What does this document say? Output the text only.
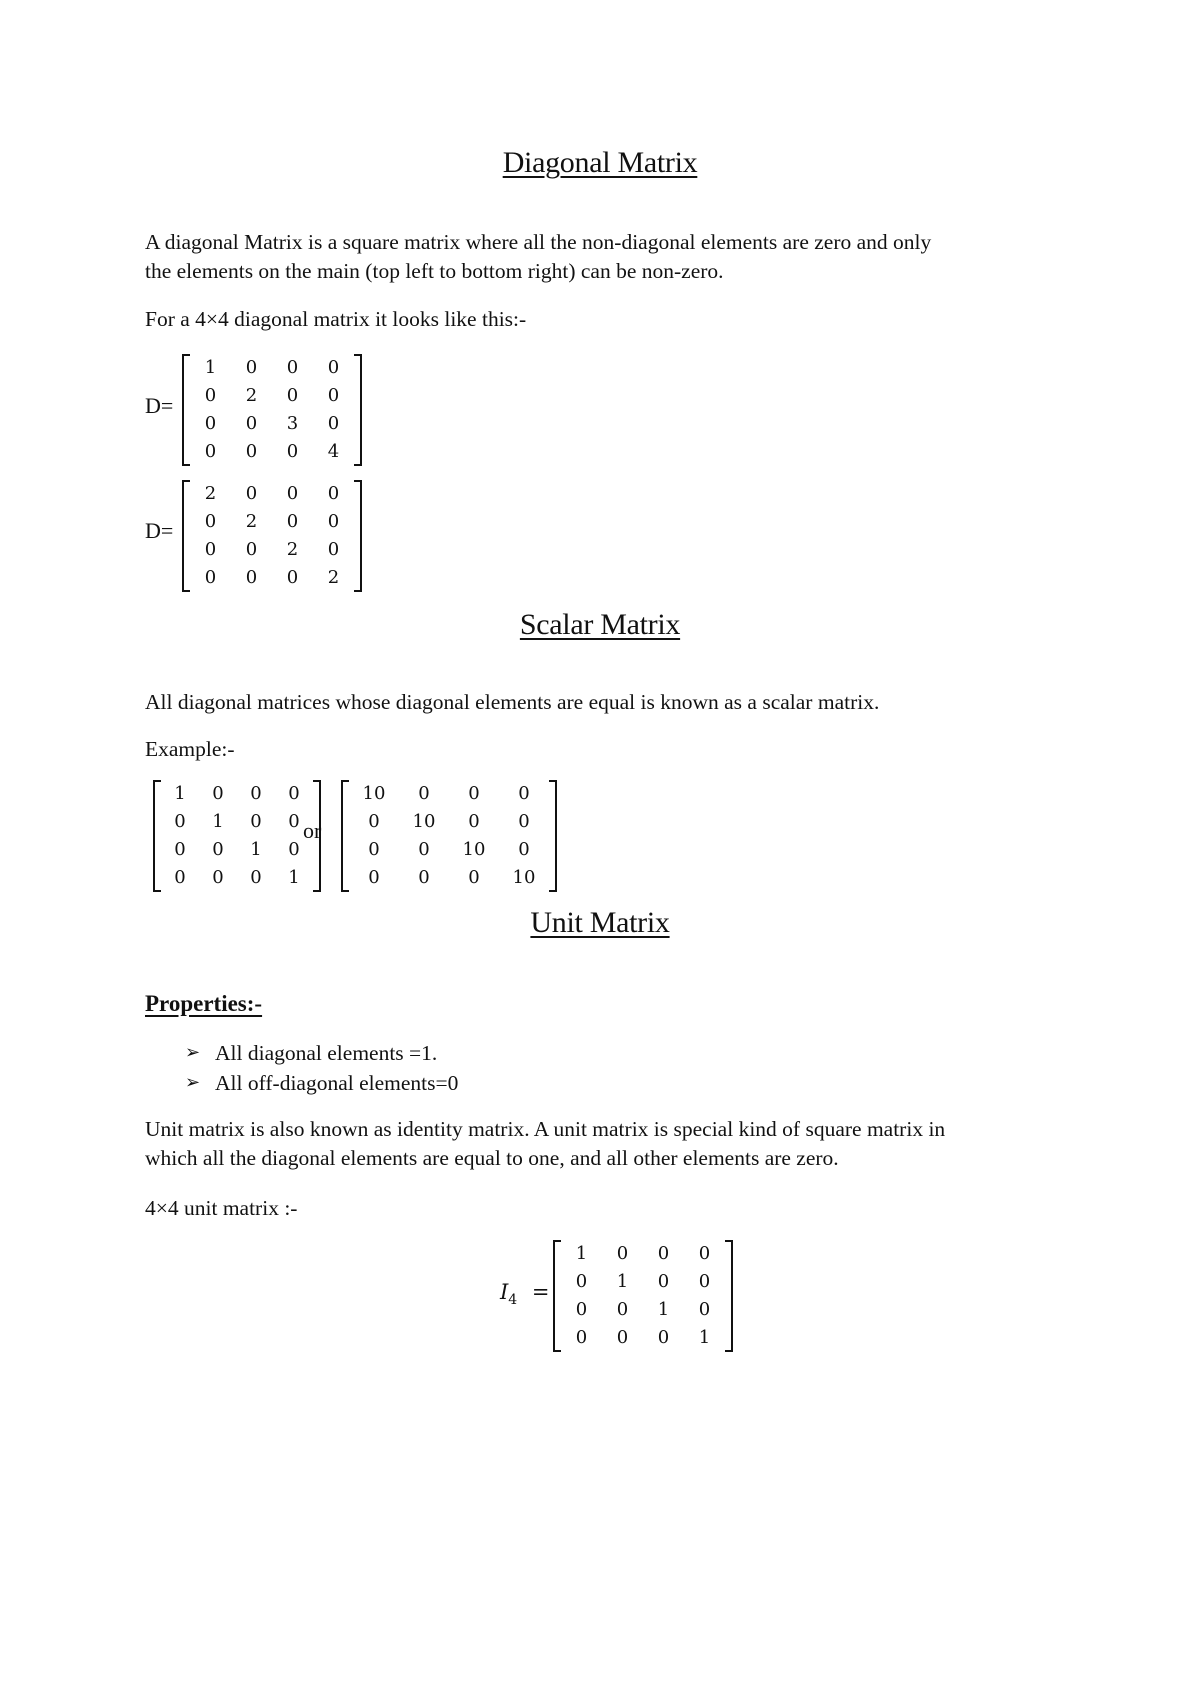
Diagonal Matrix
A diagonal Matrix is a square matrix where all the non-diagonal elements are zero and only
the elements on the main (top left to bottom right) can be non-zero.
For a 4×4 diagonal matrix it looks like this:-
D=
1	0	0	0
0	2	0	0
0	0	3	0
0	0	0	4
D=
2	0	0	0
0	2	0	0
0	0	2	0
0	0	0	2
Scalar Matrix
All diagonal matrices whose diagonal elements are equal is known as a scalar matrix.
Example:-
1	0	0	0
0	1	0	0
0	0	1	0
0	0	0	1
or
10	0	0	0
0	10	0	0
0	0	10	0
0	0	0	10
Unit Matrix
Properties:-
➢ All diagonal elements =1.
➢ All off-diagonal elements=0
Unit matrix is also known as identity matrix. A unit matrix is special kind of square matrix in
which all the diagonal elements are equal to one, and all other elements are zero.
4×4 unit matrix :-
$I_4$ =
1	0	0	0
0	1	0	0
0	0	1	0
0	0	0	1
